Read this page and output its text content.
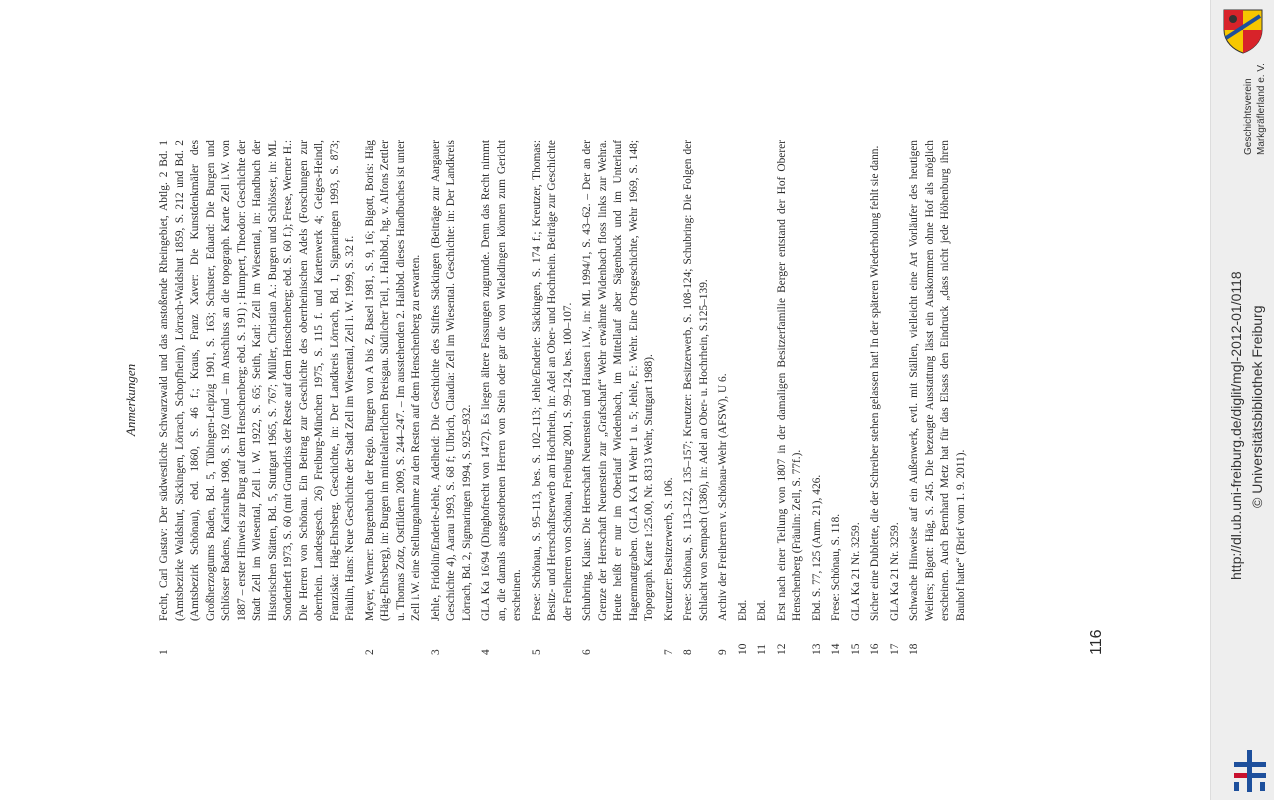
Anmerkungen
1
Fecht, Carl Gustav: Der südwestliche Schwarzwald und das anstoßende Rheingebiet, Abtlg. 2 Bd. 1 (Amtsbezirke Waldshut, Säckingen, Lörrach, Schopfheim), Lörrach-Waldshut 1859, S. 212 und Bd. 2 (Amtsbezirk Schönau), ebd. 1860, S. 46 f.; Kraus, Franz Xaver: Die Kunstdenkmäler des Großherzogtums Baden, Bd. 5, Tübingen-Leipzig 1901, S. 163; Schuster, Eduard: Die Burgen und Schlösser Badens, Karlsruhe 1908, S. 192 (und – im Anschluss an die topograph. Karte Zell i.W. von 1887 – erster Hinweis zur Burg auf dem Henschenberg; ebd. S. 191) ; Humpert, Theodor: Geschichte der Stadt Zell im Wiesental, Zell i. W. 1922, S. 65; Seith, Karl: Zell im Wiesental, in: Handbuch der Historischen Stätten, Bd. 5, Stuttgart 1965, S. 767; Müller, Christian A.: Burgen und Schlösser, in: ML Sonderheft 1973, S. 60 (mit Grundriss der Reste auf dem Henschenberg; ebd. S. 60 f.); Frese, Werner H.: Die Herren von Schönau. Ein Beitrag zur Geschichte des oberrheinischen Adels (Forschungen zur oberrhein. Landesgesch. 26) Freiburg-München 1975, S. 115 f. und Kartenwerk 4; Geiges-Heindl, Franziska: Häg-Ehrsberg. Geschichte, in: Der Landkreis Lörrach, Bd. 1, Sigmaringen 1993, S. 873; Fräulin, Hans: Neue Geschichte der Stadt Zell im Wiesental, Zell i. W. 1999, S. 32 f.
2
Meyer, Werner: Burgenbuch der Regio. Burgen von A bis Z, Basel 1981, S. 9, 16; Bigott, Boris: Häg (Häg-Ehrsberg), in: Burgen im mittelalterlichen Breisgau. Südlicher Teil, 1. Halbbd., hg. v. Alfons Zettler u. Thomas Zotz, Ostfildern 2009, S. 244–247. – Im ausstehenden 2. Halbbd. dieses Handbuches ist unter Zell i.W. eine Stellungnahme zu den Resten auf dem Henschenberg zu erwarten.
3
Jehle, Fridolin/Enderle-Jehle, Adelheid: Die Geschichte des Stiftes Säckingen (Beiträge zur Aargauer Geschichte 4), Aarau 1993, S. 68 f; Ulbrich, Claudia: Zell im Wiesental. Geschichte: in: Der Landkreis Lörrach, Bd. 2, Sigmaringen 1994, S. 925–932.
4
GLA Ka 16/94 (Dinghofrecht von 1472). Es liegen ältere Fassungen zugrunde. Denn das Recht nimmt an, die damals ausgestorbenen Herren von Stein oder gar die von Wieladingen können zum Gericht erscheinen.
5
Frese: Schönau, S. 95–113, bes. S. 102–113; Jehle/Enderle: Säckingen, S. 174 f.; Kreutzer, Thomas: Besitz- und Herrschaftserwerb am Hochrhein, in: Adel an Ober- und Hochrhein. Beiträge zur Geschichte der Freiherren von Schönau, Freiburg 2001, S. 99–124, bes. 100–107.
6
Schubring, Klaus: Die Herrschaft Neuenstein und Hausen i.W., in: ML 1994/1, S. 43–62. – Der an der Grenze der Herrschaft Neuenstein zur „Grafschaft“ Wehr erwähnte Widenbach floss links zur Wehra. Heute heißt er nur im Oberlauf Wiedenbach, im Mittellauf aber Sägenbuck und im Unterlauf Hagenmattgraben. (GLA KA H Wehr 1 u. 5; Jehle, F.: Wehr. Eine Ortsgeschichte, Wehr 1969, S. 148; Topograph. Karte 1:25.00, Nr. 8313 Wehr, Stuttgart 1988).
7
Kreutzer: Besitzerwerb, S. 106.
8
Frese: Schönau, S. 113–122, 135–157; Kreutzer: Besitzerwerb, S. 108-124; Schubring: Die Folgen der Schlacht von Sempach (1386), in: Adel an Ober- u. Hochrhein, S.125–139.
9
Archiv der Freiherren v. Schönau-Wehr (AFSW), U 6.
10
Ebd.
11
Ebd.
12
Erst nach einer Teilung von 1807 in der damaligen Besitzerfamilie Berger entstand der Hof Oberer Henschenberg (Fräulin: Zell, S. 77f.).
13
Ebd. S. 77, 125 (Anm. 21), 426.
14
Frese: Schönau, S. 118.
15
GLA Ka 21 Nr. 3259.
16
Sicher eine Dublette, die der Schreiber stehen gelassen hat! In der späteren Wiederholung fehlt sie dann.
17
GLA Ka 21 Nr. 3259.
18
Schwache Hinweise auf ein Außenwerk, evtl. mit Ställen, vielleicht eine Art Vorläufer des heutigen Weilers; Bigott: Häg, S. 245. Die bezeugte Ausstattung lässt ein Auskommen ohne Hof als möglich erscheinen. Auch Bernhard Metz hat für das Elsass den Eindruck „dass nicht jede Höhenburg ihren Bauhof hatte“ (Brief vom 1. 9. 2011).
116
Geschichtsverein Markgräflerland e. V.
http://dl.ub.uni-freiburg.de/diglit/mgl-2012-01/0118 © Universitätsbibliothek Freiburg
